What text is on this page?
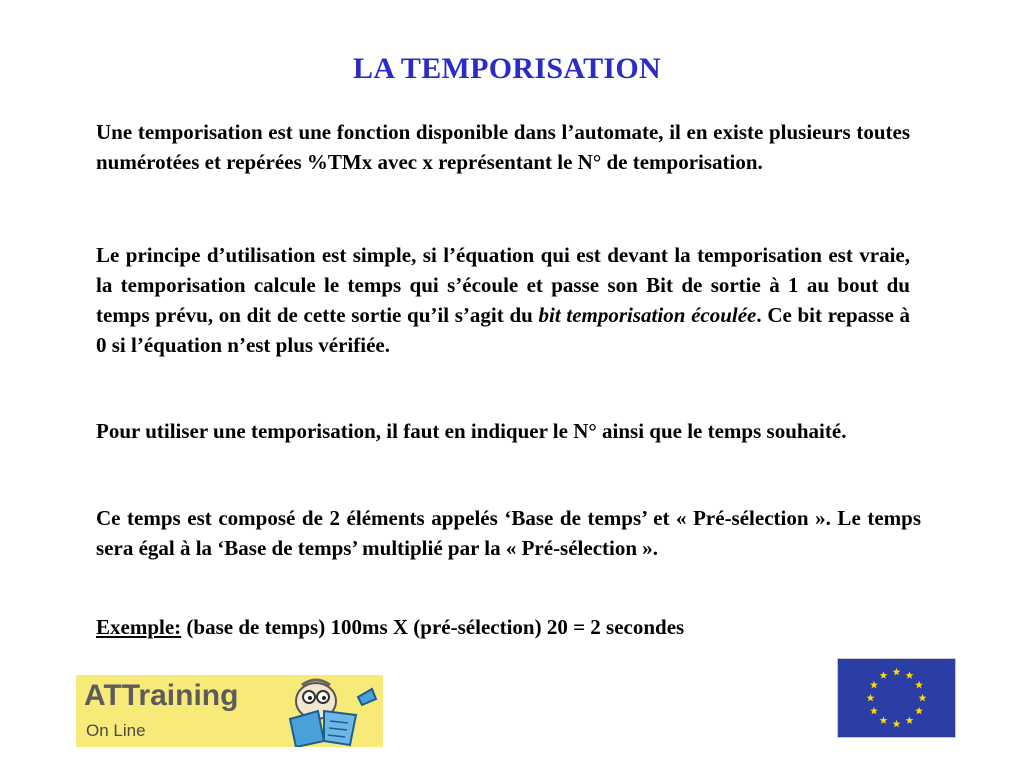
LA TEMPORISATION

Une temporisation est une fonction disponible dans l’automate, il en existe plusieurs toutes numérotées et repérées %TMx avec x représentant le N° de temporisation.

Le principe d’utilisation est simple, si l’équation qui est devant la temporisation est vraie, la temporisation calcule le temps qui s’écoule et passe son Bit de sortie à 1 au bout du temps prévu, on dit de cette sortie qu’il s’agit du bit temporisation écoulée. Ce bit repasse à 0 si l’équation n’est plus vérifiée.

Pour utiliser une temporisation, il faut en indiquer le N° ainsi que le temps souhaité.

Ce temps est composé de 2 éléments appelés ‘Base de temps’ et « Pré-sélection ». Le temps sera égal à la ‘Base de temps’ multiplié par la « Pré-sélection ».

Exemple: (base de temps) 100ms X (pré-sélection) 20 = 2 secondes

ATTraining
On Line
